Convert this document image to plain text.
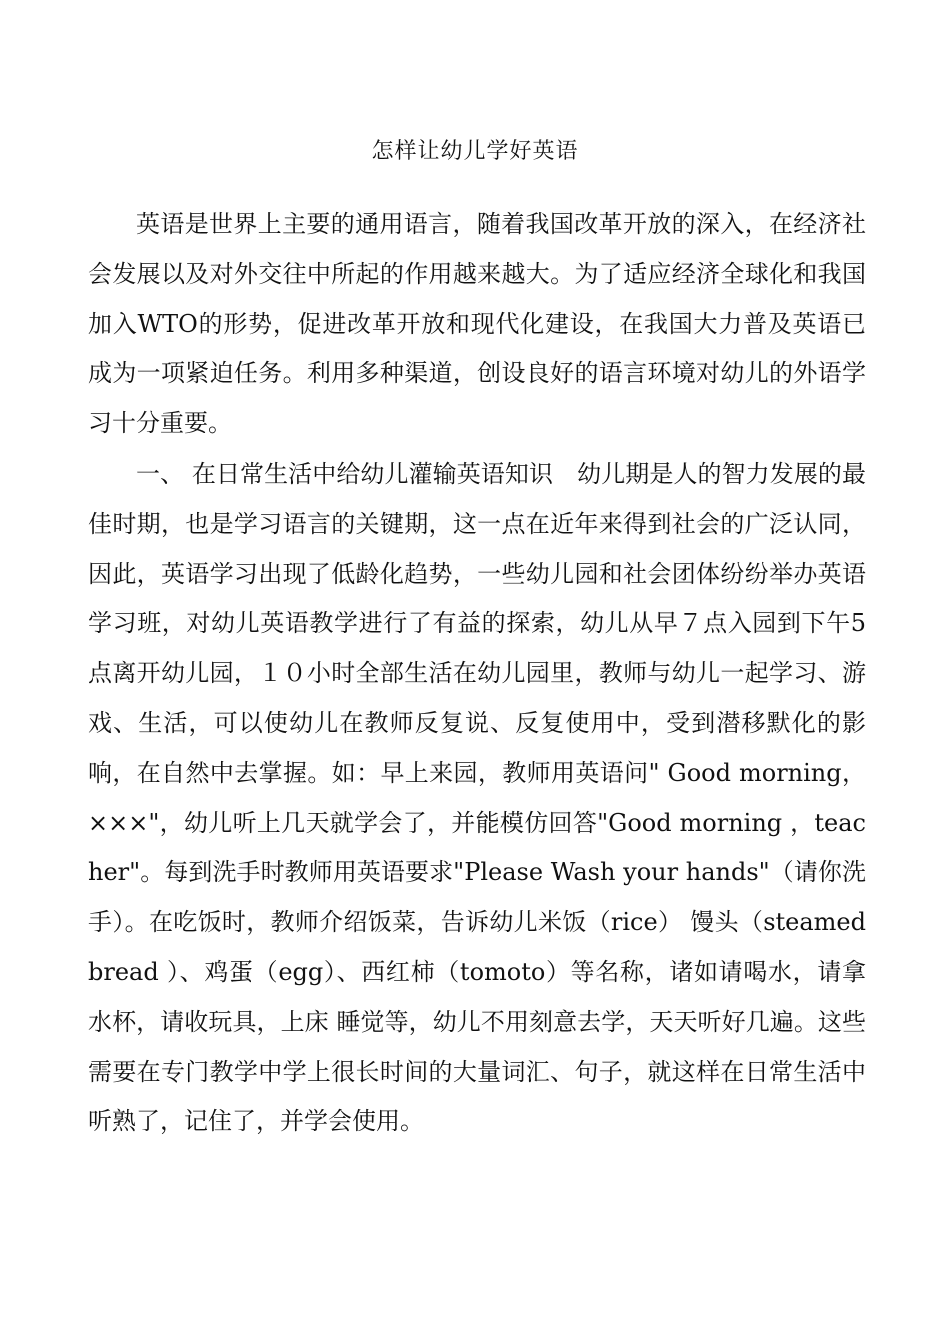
怎样让幼儿学好英语

英语是世界上主要的通用语言，随着我国改革开放的深入，在经济社会发展以及对外交往中所起的作用越来越大。为了适应经济全球化和我国加入WTO的形势，促进改革开放和现代化建设，在我国大力普及英语已成为一项紧迫任务。利用多种渠道，创设良好的语言环境对幼儿的外语学习十分重要。

一、 在日常生活中给幼儿灌输英语知识　幼儿期是人的智力发展的最佳时期，也是学习语言的关键期，这一点在近年来得到社会的广泛认同，因此，英语学习出现了低龄化趋势，一些幼儿园和社会团体纷纷举办英语学习班，对幼儿英语教学进行了有益的探索，幼儿从早７点入园到下午5点离开幼儿园，１０小时全部生活在幼儿园里，教师与幼儿一起学习、游戏、生活，可以使幼儿在教师反复说、反复使用中，受到潜移默化的影响，在自然中去掌握。如：早上来园，教师用英语问" Good morning， ×××"，幼儿听上几天就学会了，并能模仿回答"Good morning ，teacher"。每到洗手时教师用英语要求"Please Wash your hands"（请你洗手）。在吃饭时，教师介绍饭菜，告诉幼儿米饭（rice） 馒头（steamed bread ）、鸡蛋（egg）、西红柿（tomoto）等名称，诸如请喝水，请拿水杯，请收玩具，上床 睡觉等，幼儿不用刻意去学，天天听好几遍。这些需要在专门教学中学上很长时间的大量词汇、句子，就这样在日常生活中听熟了，记住了，并学会使用。
